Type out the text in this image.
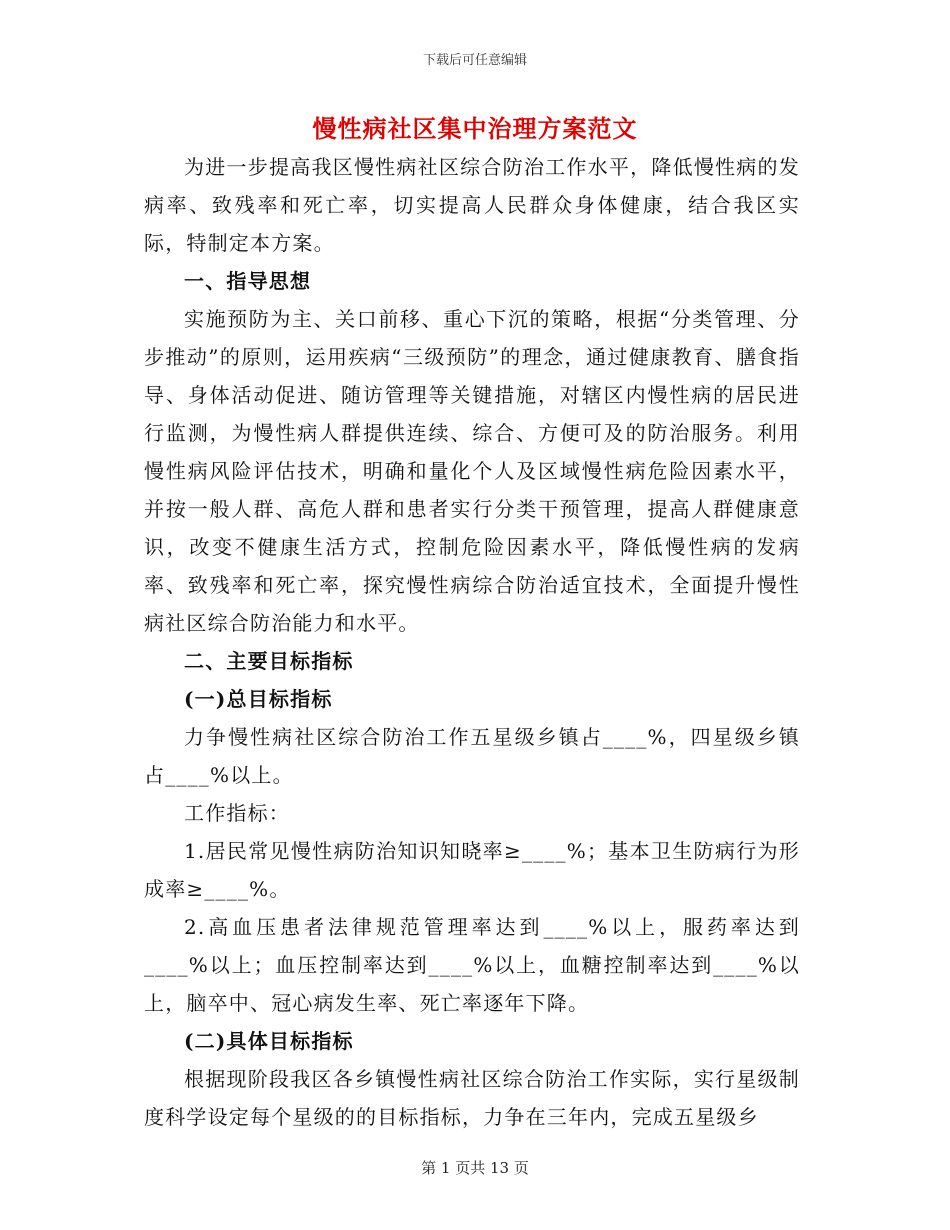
下载后可任意编辑
慢性病社区集中治理方案范文

为进一步提高我区慢性病社区综合防治工作水平，降低慢性病的发病率、致残率和死亡率，切实提高人民群众身体健康，结合我区实际，特制定本方案。

一、指导思想

实施预防为主、关口前移、重心下沉的策略，根据“分类管理、分步推动”的原则，运用疾病“三级预防”的理念，通过健康教育、膳食指导、身体活动促进、随访管理等关键措施，对辖区内慢性病的居民进行监测，为慢性病人群提供连续、综合、方便可及的防治服务。利用慢性病风险评估技术，明确和量化个人及区域慢性病危险因素水平，并按一般人群、高危人群和患者实行分类干预管理，提高人群健康意识，改变不健康生活方式，控制危险因素水平，降低慢性病的发病率、致残率和死亡率，探究慢性病综合防治适宜技术，全面提升慢性病社区综合防治能力和水平。

二、主要目标指标

(一)总目标指标

力争慢性病社区综合防治工作五星级乡镇占____%，四星级乡镇占____%以上。

工作指标：

1.居民常见慢性病防治知识知晓率≥____%；基本卫生防病行为形成率≥____%。

2.高血压患者法律规范管理率达到____%以上，服药率达到____%以上；血压控制率达到____%以上，血糖控制率达到____%以上，脑卒中、冠心病发生率、死亡率逐年下降。

(二)具体目标指标

根据现阶段我区各乡镇慢性病社区综合防治工作实际，实行星级制度科学设定每个星级的的目标指标，力争在三年内，完成五星级乡

第 1 页共 13 页
